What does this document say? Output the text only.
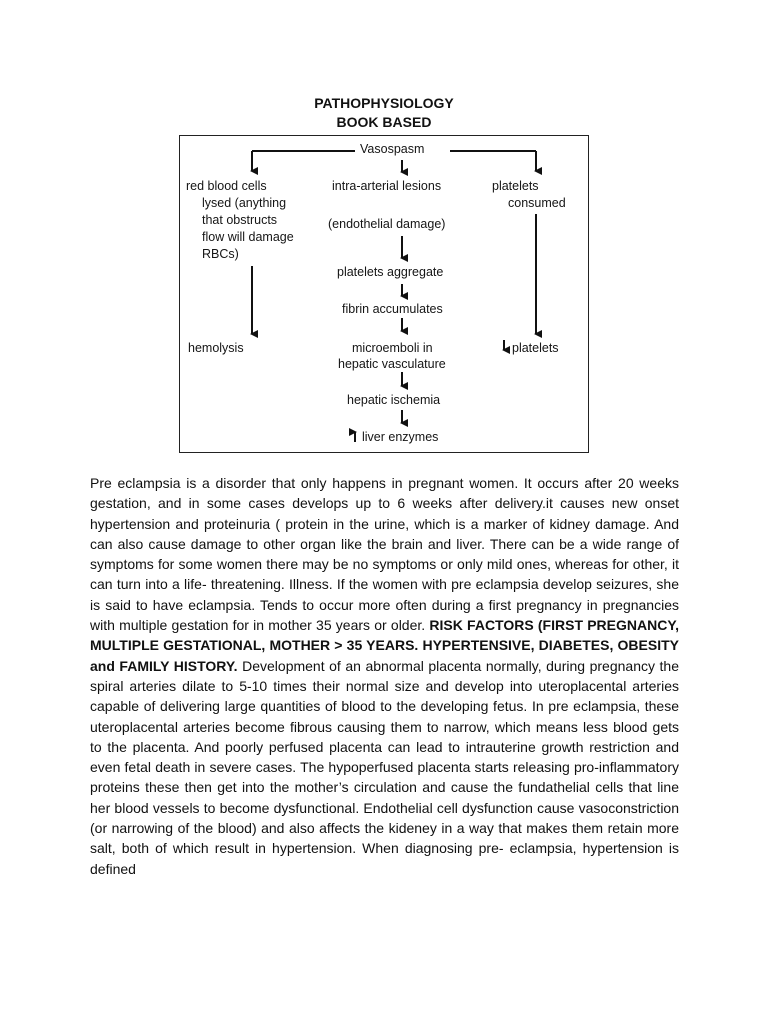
PATHOPHYSIOLOGY
BOOK BASED
Vasospasm
red blood cells
lysed (anything
that obstructs
flow will damage
RBCs)
hemolysis
intra-arterial lesions
(endothelial damage)
platelets aggregate
fibrin accumulates
microemboli in
hepatic vasculature
hepatic ischemia
liver enzymes
platelets
consumed
platelets
Pre eclampsia is a disorder that only happens in pregnant women. It occurs after 20 weeks gestation, and in some cases develops up to 6 weeks after delivery.it causes new onset hypertension and proteinuria ( protein in the urine, which is a marker of kidney damage. And can also cause damage to other organ like the brain and liver. There can be a wide range of symptoms for some women there may be no symptoms or only mild ones, whereas for other, it can turn into a life- threatening. Illness. If the women with pre eclampsia develop seizures, she is said to have eclampsia. Tends to occur more often during a first pregnancy in pregnancies with multiple gestation for in mother 35 years or older. RISK FACTORS (FIRST PREGNANCY, MULTIPLE GESTATIONAL, MOTHER > 35 YEARS. HYPERTENSIVE, DIABETES, OBESITY and FAMILY HISTORY. Development of an abnormal placenta normally, during pregnancy the spiral arteries dilate to 5-10 times their normal size and develop into uteroplacental arteries capable of delivering large quantities of blood to the developing fetus. In pre eclampsia, these uteroplacental arteries become fibrous causing them to narrow, which means less blood gets to the placenta. And poorly perfused placenta can lead to intrauterine growth restriction and even fetal death in severe cases. The hypoperfused placenta starts releasing pro-inflammatory proteins these then get into the mother’s circulation and cause the fundathelial cells that line her blood vessels to become dysfunctional. Endothelial cell dysfunction cause vasoconstriction (or narrowing of the blood) and also affects the kideney in a way that makes them retain more salt, both of which result in hypertension. When diagnosing pre- eclampsia, hypertension is defined
